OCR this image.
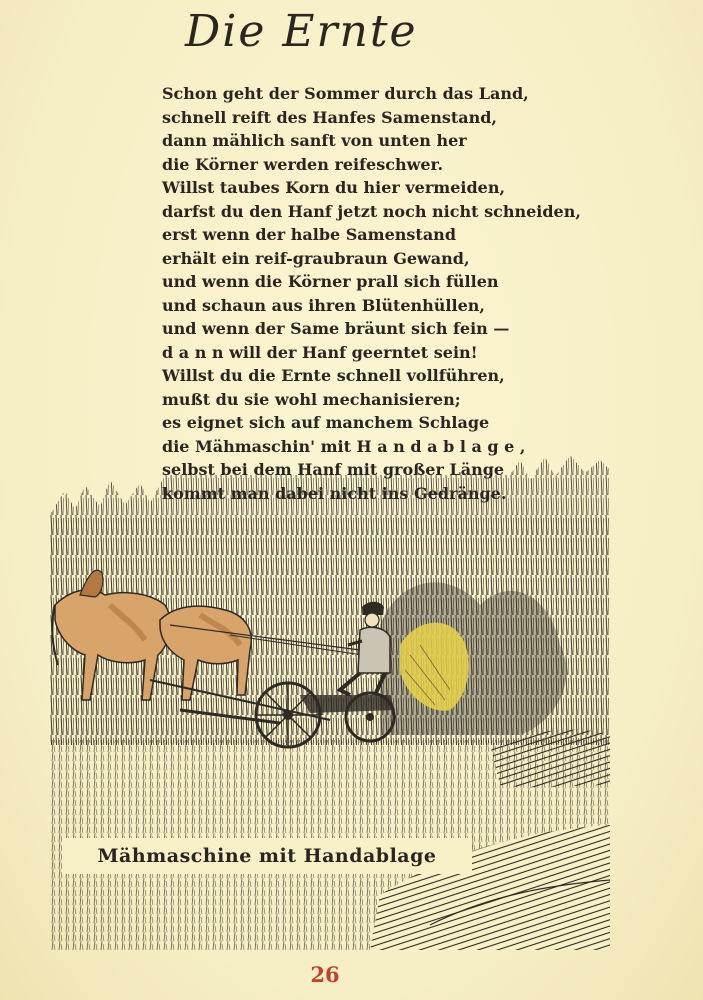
Die Ernte
Schon geht der Sommer durch das Land,
schnell reift des Hanfes Samenstand,
dann mählich sanft von unten her
die Körner werden reifeschwer.
Willst taubes Korn du hier vermeiden,
darfst du den Hanf jetzt noch nicht schneiden,
erst wenn der halbe Samenstand
erhält ein reif-graubraun Gewand,
und wenn die Körner prall sich füllen
und schaun aus ihren Blütenhüllen,
und wenn der Same bräunt sich fein —
d a n n will der Hanf geerntet sein!
Willst du die Ernte schnell vollführen,
mußt du sie wohl mechanisieren;
es eignet sich auf manchem Schlage
die Mähmaschin' mit H a n d a b l a g e ,
selbst bei dem Hanf mit großer Länge
Mähmaschine mit Handablage
26
